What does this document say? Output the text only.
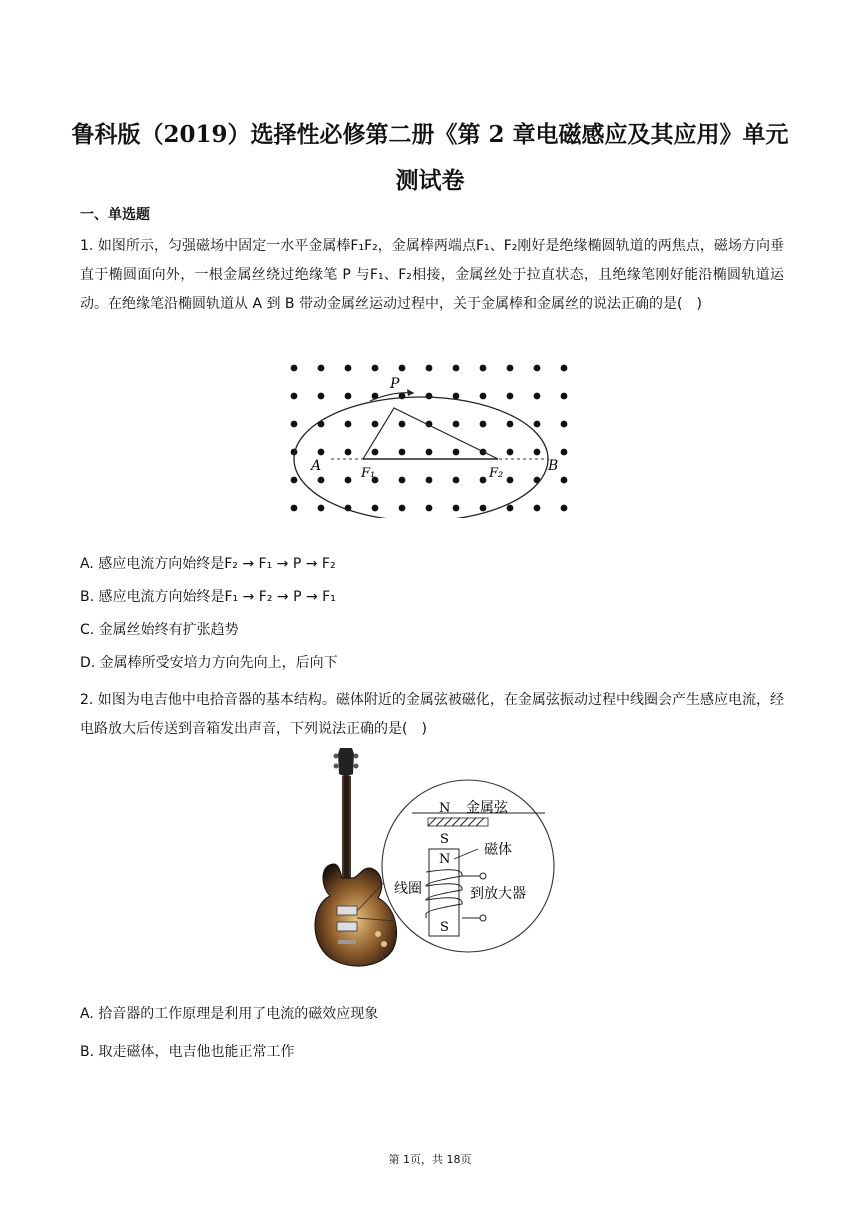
鲁科版（2019）选择性必修第二册《第 2 章电磁感应及其应用》单元
测试卷
一、单选题
1. 如图所示，匀强磁场中固定一水平金属棒F₁F₂，金属棒两端点F₁、F₂刚好是绝缘椭圆轨道的两焦点，磁场方向垂直于椭圆面向外，一根金属丝绕过绝缘笔 P 与F₁、F₂相接，金属丝处于拉直状态，且绝缘笔刚好能沿椭圆轨道运动。在绝缘笔沿椭圆轨道从 A 到 B 带动金属丝运动过程中，关于金属棒和金属丝的说法正确的是(　)
P
A	B
F₁	F₂
A. 感应电流方向始终是F₂ → F₁ → P → F₂
B. 感应电流方向始终是F₁ → F₂ → P → F₁
C. 金属丝始终有扩张趋势
D. 金属棒所受安培力方向先向上，后向下
2. 如图为电吉他中电拾音器的基本结构。磁体附近的金属弦被磁化，在金属弦振动过程中线圈会产生感应电流，经电路放大后传送到音箱发出声音，下列说法正确的是(　)
N 金属弦
S
N
S
磁体
线圈	到放大器
A. 拾音器的工作原理是利用了电流的磁效应现象
B. 取走磁体，电吉他也能正常工作
第 1页，共 18页
